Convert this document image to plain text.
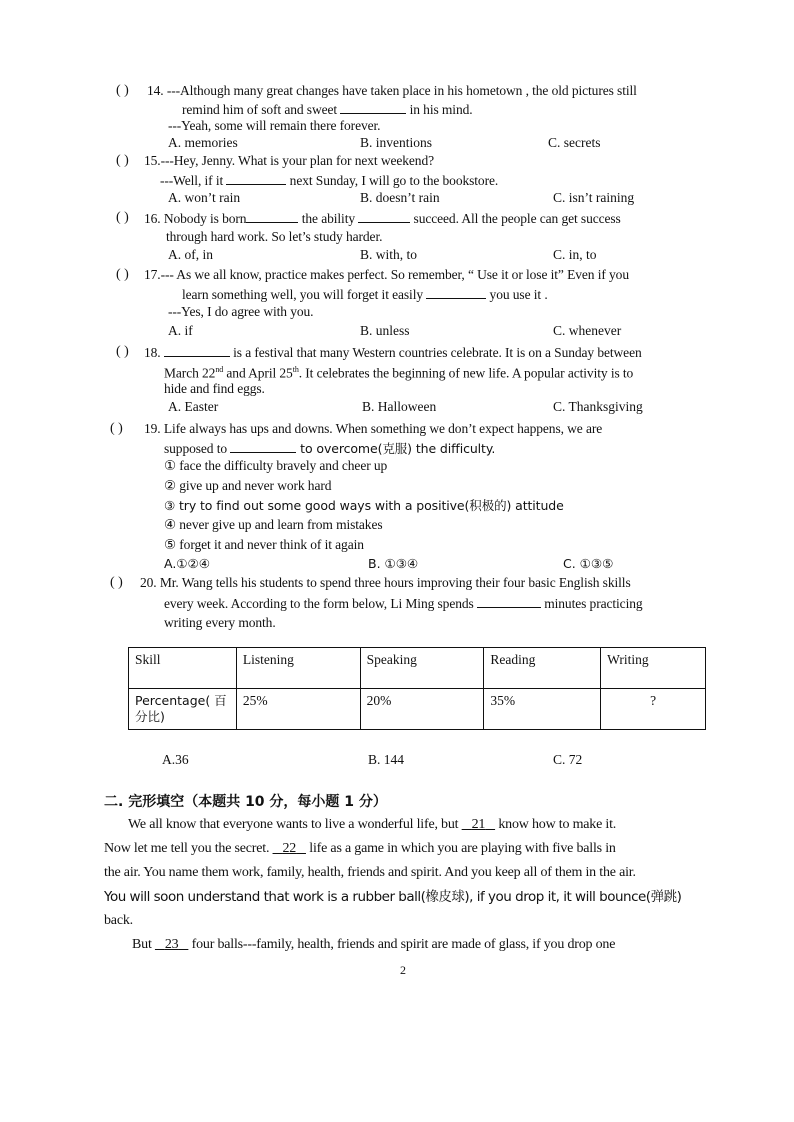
( ) 14. ---Although many great changes have taken place in his hometown , the old pictures still
remind him of soft and sweet	in his mind.
---Yeah, some will remain there forever.
A. memories	B. inventions	C. secrets
( ) 15.---Hey, Jenny. What is your plan for next weekend?
---Well, if it	next Sunday, I will go to the bookstore.
A. won’t rain	B. doesn’t rain	C. isn’t raining
( ) 16. Nobody is born	the ability	succeed. All the people can get success
through hard work. So let’s study harder.
A. of, in	B. with, to	C. in, to
( ) 17.--- As we all know, practice makes perfect. So remember, “ Use it or lose it” Even if you
learn something well, you will forget it easily	you use it .
---Yes, I do agree with you.
A. if	B. unless	C. whenever
( ) 18.	is a festival that many Western countries celebrate. It is on a Sunday between
March 22nd and April 25th. It celebrates the beginning of new life. A popular activity is to
hide and find eggs.
A. Easter	B. Halloween	C. Thanksgiving
( ) 19. Life always has ups and downs. When something we don’t expect happens, we are
supposed to	to overcome(克服) the difficulty.
① face the difficulty bravely and cheer up
② give up and never work hard
③ try to find out some good ways with a positive(积极的) attitude
④ never give up and learn from mistakes
⑤ forget it and never think of it again
A.①②④	B. ①③④	C. ①③⑤
( ) 20. Mr. Wang tells his students to spend three hours improving their four basic English skills
every week. According to the form below, Li Ming spends	minutes practicing
writing every month.
Skill	Listening	Speaking	Reading	Writing

Percentage( 百分比)	25%	20%	35%	?
A.36	B. 144	C. 72
二. 完形填空（本题共 10 分，每小题 1 分）
We all know that everyone wants to live a wonderful life, but    21    know how to make it.
Now let me tell you the secret.    22    life as a game in which you are playing with five balls in
the air. You name them work, family, health, friends and spirit. And you keep all of them in the air.
You will soon understand that work is a rubber ball(橡皮球), if you drop it, it will bounce(弹跳)
back.
But    23    four balls---family, health, friends and spirit are made of glass, if you drop one
2
